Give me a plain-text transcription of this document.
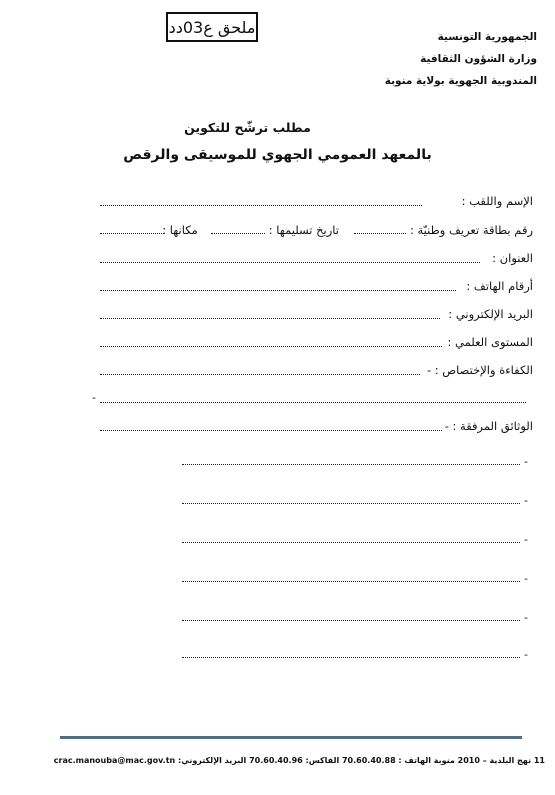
ملحق ع03دد
الجمهورية التونسية
وزارة الشؤون الثقافية
المندوبية الجهوية بولاية منوبة
مطلب ترشّح للتكوين
بالمعهد العمومي الجهوي للموسيقى والرقص
الإسم واللقب :
رقم بطاقة تعريف وطنيّة :   تاريخ تسليمها :   مكانها :
العنوان :
أرقام الهاتف :
البريد الإلكتروني :
المستوى العلمي :
الكفاءة والإختصاص : -
-
الوثائق المرفقة : -
-
-
-
-
-
-
11 نهج البلدية – 2010 منوبة الهاتف : 70.60.40.88 الفاكس: 70.60.40.96 البريد الإلكتروني: crac.manouba@mac.gov.tn
